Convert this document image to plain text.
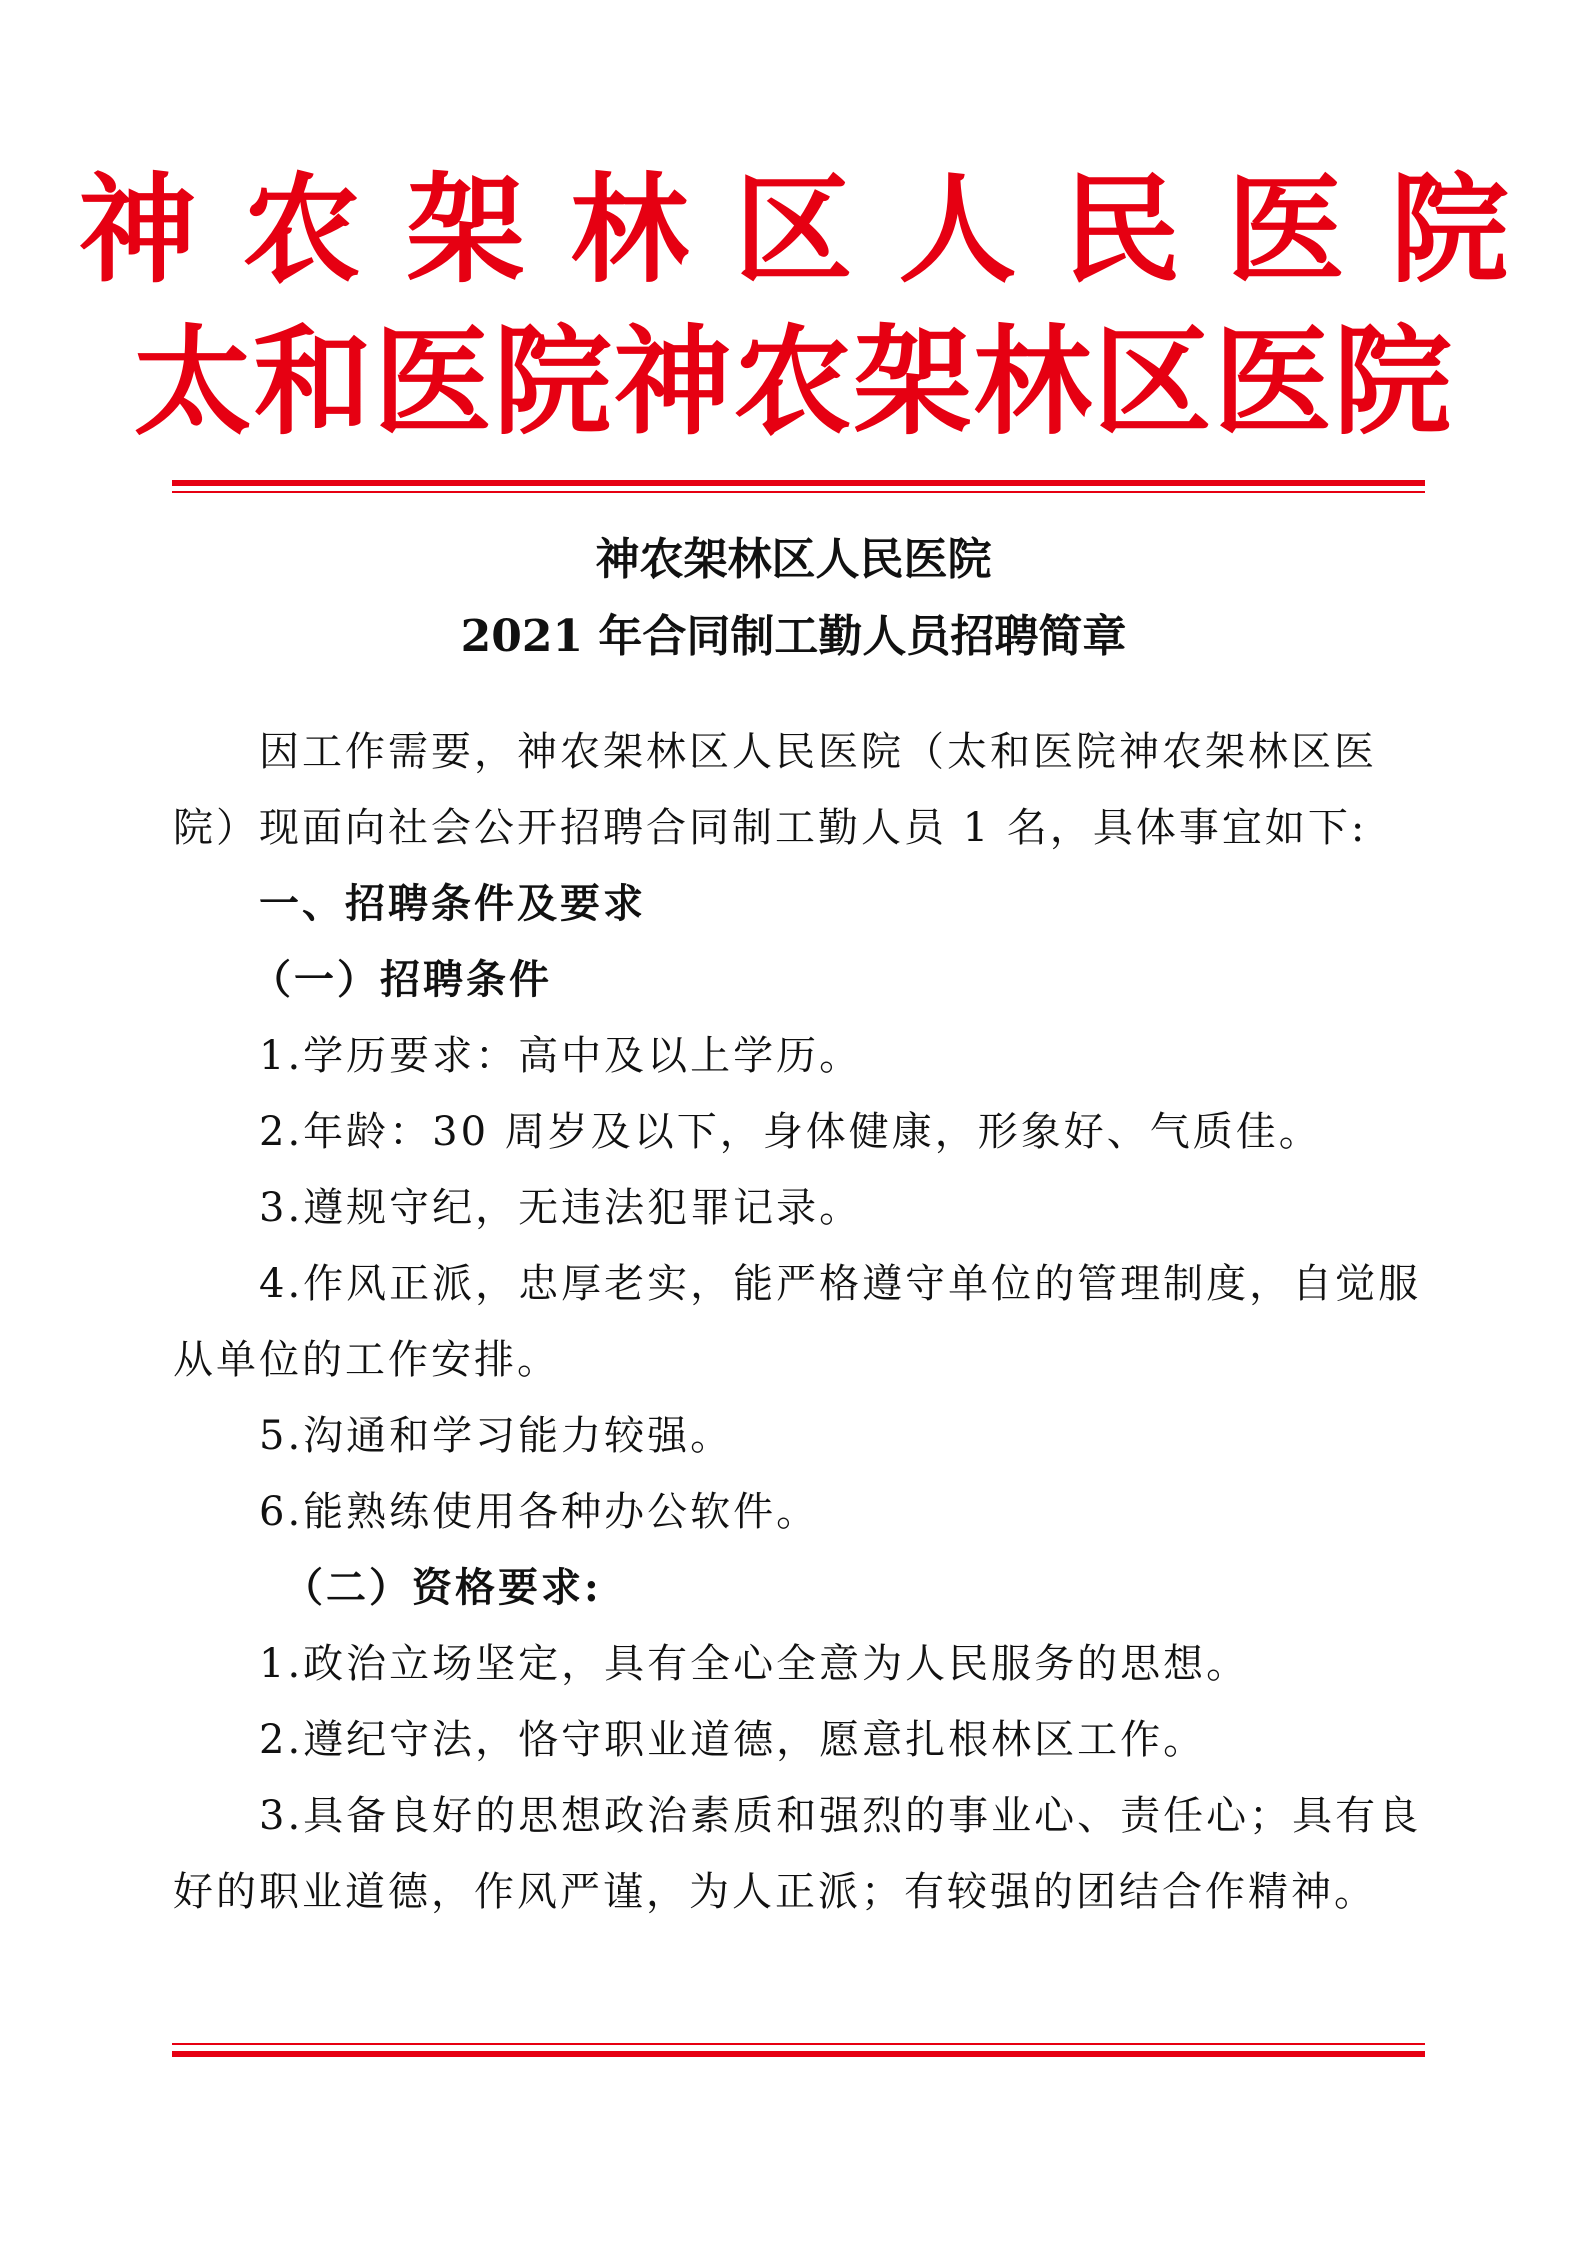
神农架林区人民医院
太和医院神农架林区医院
神农架林区人民医院
2021 年合同制工勤人员招聘简章

因工作需要，神农架林区人民医院（太和医院神农架林区医院）现面向社会公开招聘合同制工勤人员 1 名，具体事宜如下:

一、招聘条件及要求

（一）招聘条件

1.学历要求：高中及以上学历。

2.年龄：30 周岁及以下，身体健康，形象好、气质佳。

3.遵规守纪，无违法犯罪记录。

4.作风正派，忠厚老实，能严格遵守单位的管理制度，自觉服从单位的工作安排。

5.沟通和学习能力较强。

6.能熟练使用各种办公软件。

（二）资格要求:

1.政治立场坚定，具有全心全意为人民服务的思想。

2.遵纪守法，恪守职业道德，愿意扎根林区工作。

3.具备良好的思想政治素质和强烈的事业心、责任心；具有良好的职业道德，作风严谨，为人正派；有较强的团结合作精神。
